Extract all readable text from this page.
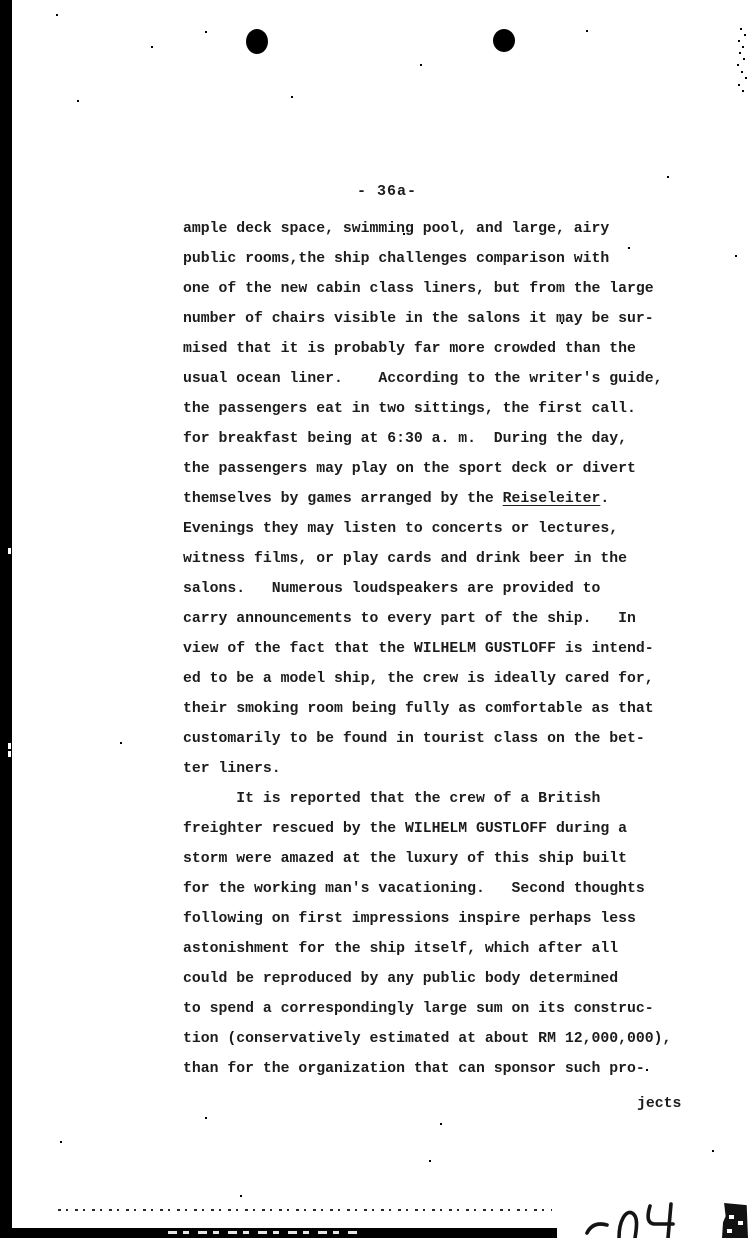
- 36a-
ample deck space, swimming pool, and large, airy
public rooms,the ship challenges comparison with
one of the new cabin class liners, but from the large
number of chairs visible in the salons it may be sur-
mised that it is probably far more crowded than the
usual ocean liner.    According to the writer's guide,
the passengers eat in two sittings, the first call.
for breakfast being at 6:30 a. m.  During the day,
the passengers may play on the sport deck or divert
themselves by games arranged by the Reiseleiter.
Evenings they may listen to concerts or lectures,
witness films, or play cards and drink beer in the
salons.   Numerous loudspeakers are provided to
carry announcements to every part of the ship.   In
view of the fact that the WILHELM GUSTLOFF is intend-
ed to be a model ship, the crew is ideally cared for,
their smoking room being fully as comfortable as that
customarily to be found in tourist class on the bet-
ter liners.
It is reported that the crew of a British
freighter rescued by the WILHELM GUSTLOFF during a
storm were amazed at the luxury of this ship built
for the working man's vacationing.   Second thoughts
following on first impressions inspire perhaps less
astonishment for the ship itself, which after all
could be reproduced by any public body determined
to spend a correspondingly large sum on its construc-
tion (conservatively estimated at about RM 12,000,000),
than for the organization that can sponsor such pro-
jects
